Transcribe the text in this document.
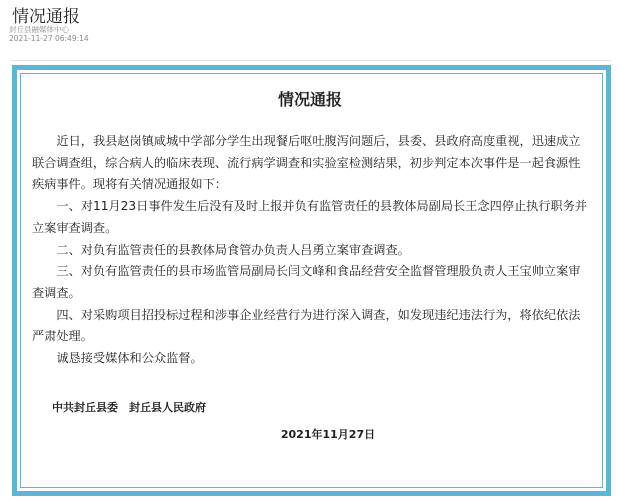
情况通报
封丘县融媒体中心
2021-11-27 06:49:14
情况通报

近日，我县赵岗镇咸城中学部分学生出现餐后呕吐腹泻问题后，县委、县政府高度重视，迅速成立联合调查组，综合病人的临床表现、流行病学调查和实验室检测结果，初步判定本次事件是一起食源性疾病事件。现将有关情况通报如下：

一、对11月23日事件发生后没有及时上报并负有监管责任的县教体局副局长王念四停止执行职务并立案审查调查。

二、对负有监管责任的县教体局食管办负责人吕勇立案审查调查。

三、对负有监管责任的县市场监管局副局长闫文峰和食品经营安全监督管理股负责人王宝帅立案审查调查。

四、对采购项目招投标过程和涉事企业经营行为进行深入调查，如发现违纪违法行为，将依纪依法严肃处理。

诚恳接受媒体和公众监督。

中共封丘县委　封丘县人民政府
2021年11月27日
